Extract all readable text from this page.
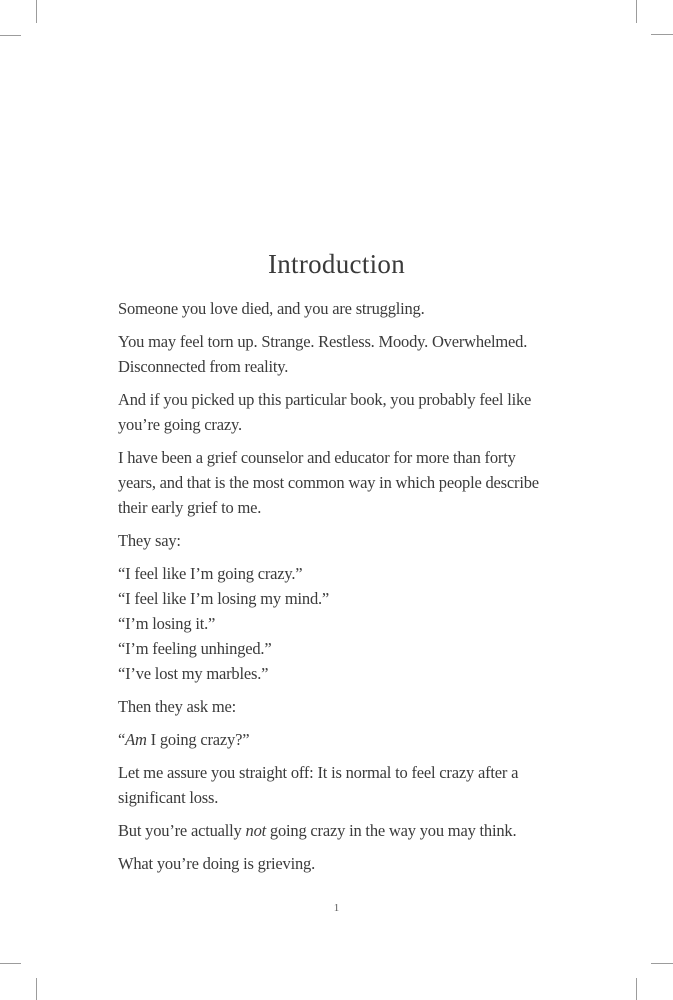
Introduction

Someone you love died, and you are struggling.

You may feel torn up. Strange. Restless. Moody. Overwhelmed.
Disconnected from reality.

And if you picked up this particular book, you probably feel like
you’re going crazy.

I have been a grief counselor and educator for more than forty
years, and that is the most common way in which people describe
their early grief to me.

They say:

“I feel like I’m going crazy.”
“I feel like I’m losing my mind.”
“I’m losing it.”
“I’m feeling unhinged.”
“I’ve lost my marbles.”

Then they ask me:

“Am I going crazy?”

Let me assure you straight off: It is normal to feel crazy after a
significant loss.

But you’re actually not going crazy in the way you may think.

What you’re doing is grieving.

1
